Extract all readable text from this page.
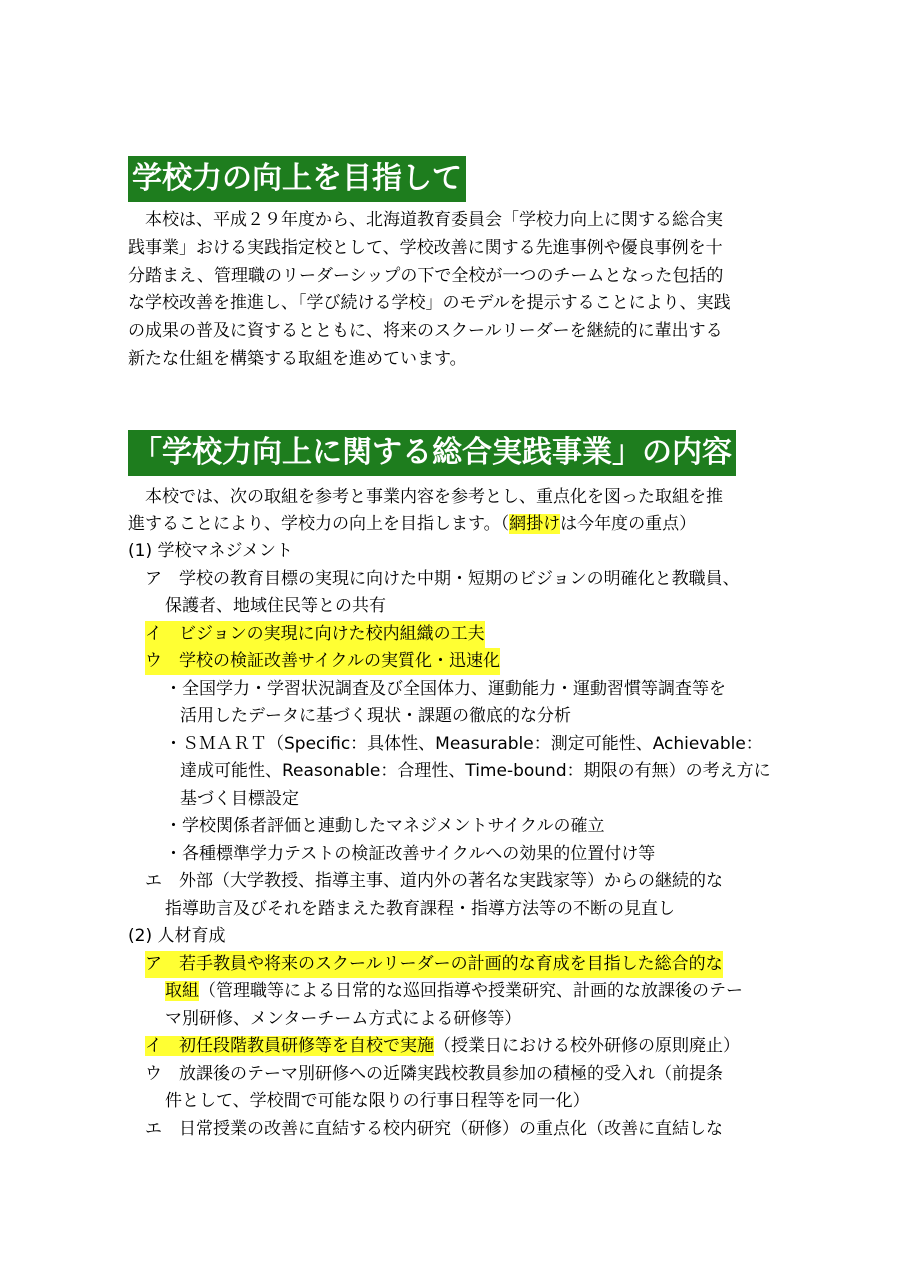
学校力の向上を目指して
本校は、平成２９年度から、北海道教育委員会「学校力向上に関する総合実
践事業」おける実践指定校として、学校改善に関する先進事例や優良事例を十
分踏まえ、管理職のリーダーシップの下で全校が一つのチームとなった包括的
な学校改善を推進し、「学び続ける学校」のモデルを提示することにより、実践
の成果の普及に資するとともに、将来のスクールリーダーを継続的に輩出する
新たな仕組を構築する取組を進めています。
「学校力向上に関する総合実践事業」の内容
本校では、次の取組を参考と事業内容を参考とし、重点化を図った取組を推
進することにより、学校力の向上を目指します。（網掛けは今年度の重点）
(1) 学校マネジメント
ア　学校の教育目標の実現に向けた中期・短期のビジョンの明確化と教職員、
保護者、地域住民等との共有
イ　ビジョンの実現に向けた校内組織の工夫
ウ　学校の検証改善サイクルの実質化・迅速化
・全国学力・学習状況調査及び全国体力、運動能力・運動習慣等調査等を
活用したデータに基づく現状・課題の徹底的な分析
・ＳＭＡＲＴ（Specific：具体性、Measurable：測定可能性、Achievable：
達成可能性、Reasonable：合理性、Time-bound：期限の有無）の考え方に
基づく目標設定
・学校関係者評価と連動したマネジメントサイクルの確立
・各種標準学力テストの検証改善サイクルへの効果的位置付け等
エ　外部（大学教授、指導主事、道内外の著名な実践家等）からの継続的な
指導助言及びそれを踏まえた教育課程・指導方法等の不断の見直し
(2) 人材育成
ア　若手教員や将来のスクールリーダーの計画的な育成を目指した総合的な
取組（管理職等による日常的な巡回指導や授業研究、計画的な放課後のテー
マ別研修、メンターチーム方式による研修等）
イ　初任段階教員研修等を自校で実施（授業日における校外研修の原則廃止）
ウ　放課後のテーマ別研修への近隣実践校教員参加の積極的受入れ（前提条
件として、学校間で可能な限りの行事日程等を同一化）
エ　日常授業の改善に直結する校内研究（研修）の重点化（改善に直結しな
